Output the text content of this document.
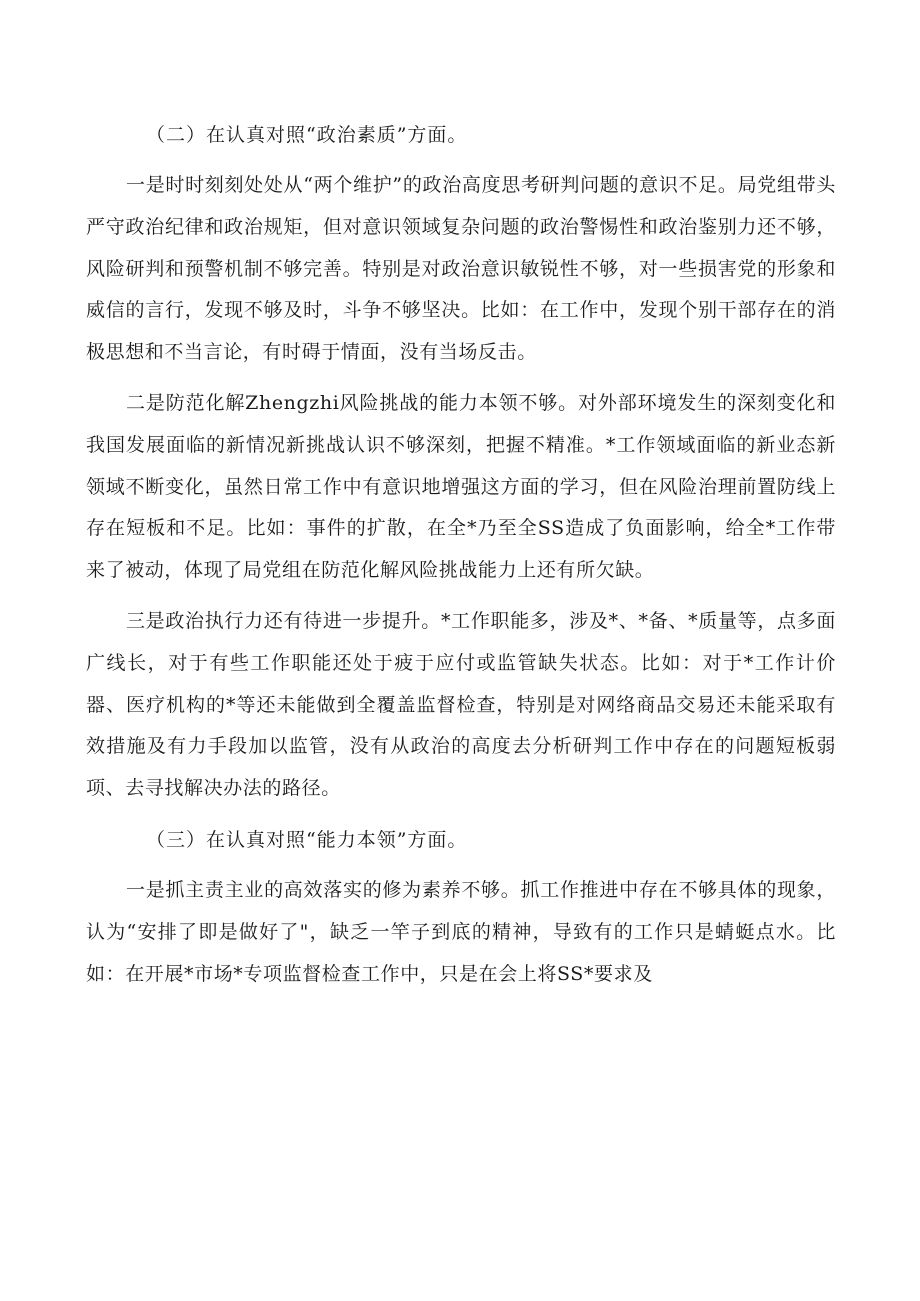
（二）在认真对照“政治素质”方面。

一是时时刻刻处处从“两个维护”的政治高度思考研判问题的意识不足。局党组带头严守政治纪律和政治规矩，但对意识领域复杂问题的政治警惕性和政治鉴别力还不够，风险研判和预警机制不够完善。特别是对政治意识敏锐性不够，对一些损害党的形象和威信的言行，发现不够及时，斗争不够坚决。比如：在工作中，发现个别干部存在的消极思想和不当言论，有时碍于情面，没有当场反击。

二是防范化解Zhengzhi风险挑战的能力本领不够。对外部环境发生的深刻变化和我国发展面临的新情况新挑战认识不够深刻，把握不精准。*工作领域面临的新业态新领域不断变化，虽然日常工作中有意识地增强这方面的学习，但在风险治理前置防线上存在短板和不足。比如：事件的扩散，在全*乃至全SS造成了负面影响，给全*工作带来了被动，体现了局党组在防范化解风险挑战能力上还有所欠缺。

三是政治执行力还有待进一步提升。*工作职能多，涉及*、*备、*质量等，点多面广线长，对于有些工作职能还处于疲于应付或监管缺失状态。比如：对于*工作计价器、医疗机构的*等还未能做到全覆盖监督检查，特别是对网络商品交易还未能采取有效措施及有力手段加以监管，没有从政治的高度去分析研判工作中存在的问题短板弱项、去寻找解决办法的路径。

（三）在认真对照“能力本领”方面。

一是抓主责主业的高效落实的修为素养不够。抓工作推进中存在不够具体的现象，认为“安排了即是做好了"，缺乏一竿子到底的精神，导致有的工作只是蜻蜓点水。比如：在开展*市场*专项监督检查工作中，只是在会上将SS*要求及
